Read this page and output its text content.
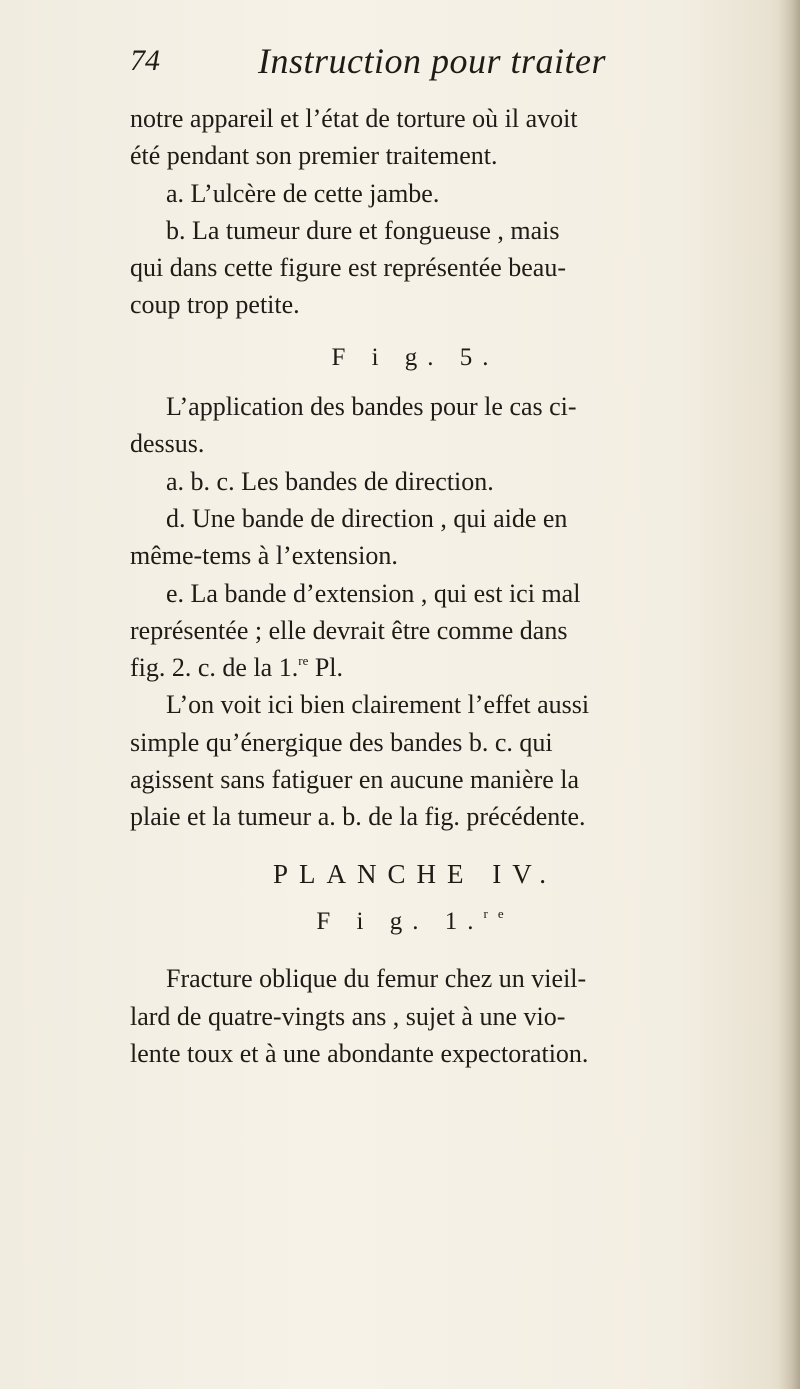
74	Instruction pour traiter
notre appareil et l’état de torture où il avoit
été pendant son premier traitement.
a. L’ulcère de cette jambe.
b. La tumeur dure et fongueuse , mais
qui dans cette figure est représentée beau-
coup trop petite.
F i g. 5.
L’application des bandes pour le cas ci-
dessus.
a. b. c. Les bandes de direction.
d. Une bande de direction , qui aide en
même-tems à l’extension.
e. La bande d’extension , qui est ici mal
représentée ; elle devrait être comme dans
fig. 2. c. de la 1.$^{re}$ Pl.
L’on voit ici bien clairement l’effet aussi
simple qu’énergique des bandes b. c. qui
agissent sans fatiguer en aucune manière la
plaie et la tumeur a. b. de la fig. précédente.
PLANCHE IV.
F i g. 1.$^{re}$
Fracture oblique du femur chez un vieil-
lard de quatre-vingts ans , sujet à une vio-
lente toux et à une abondante expectoration.
